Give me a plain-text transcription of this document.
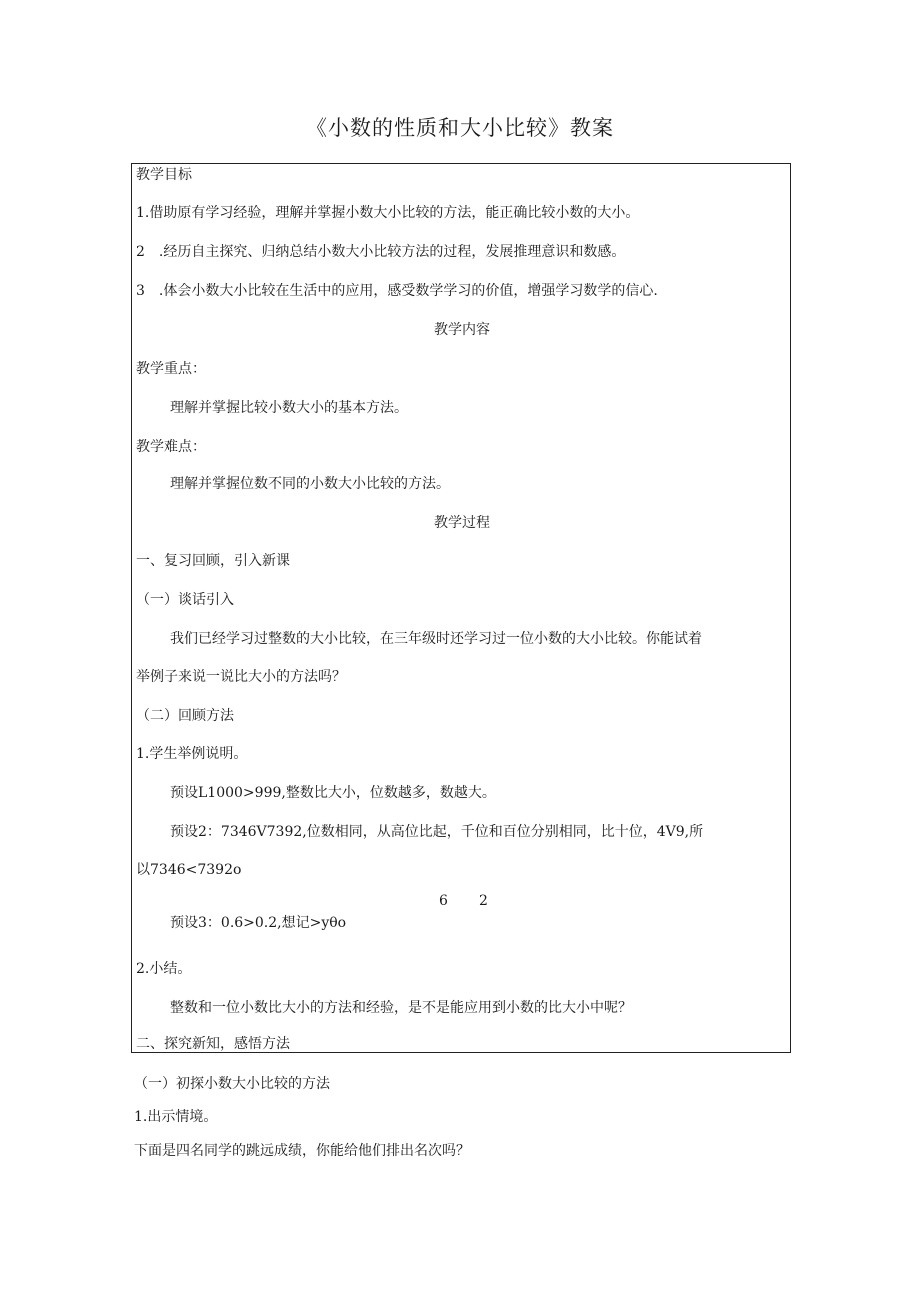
《小数的性质和大小比较》教案
教学目标
1.借助原有学习经验，理解并掌握小数大小比较的方法，能正确比较小数的大小。
2　.经历自主探究、归纳总结小数大小比较方法的过程，发展推理意识和数感。
3　.体会小数大小比较在生活中的应用，感受数学学习的价值，增强学习数学的信心.
教学内容
教学重点：
理解并掌握比较小数大小的基本方法。
教学难点：
理解并掌握位数不同的小数大小比较的方法。
教学过程
一、复习回顾，引入新课
（一）谈话引入
我们已经学习过整数的大小比较，在三年级时还学习过一位小数的大小比较。你能试着
举例子来说一说比大小的方法吗？
（二）回顾方法
1.学生举例说明。
预设L1000>999,整数比大小，位数越多，数越大。
预设2：7346V7392,位数相同，从高位比起，千位和百位分别相同，比十位，4V9,所
以7346<7392o
6 2
预设3：0.6>0.2,想记>yθo
2.小结。
整数和一位小数比大小的方法和经验，是不是能应用到小数的比大小中呢？
二、探究新知，感悟方法
（一）初探小数大小比较的方法
1.出示情境。
下面是四名同学的跳远成绩，你能给他们排出名次吗？
